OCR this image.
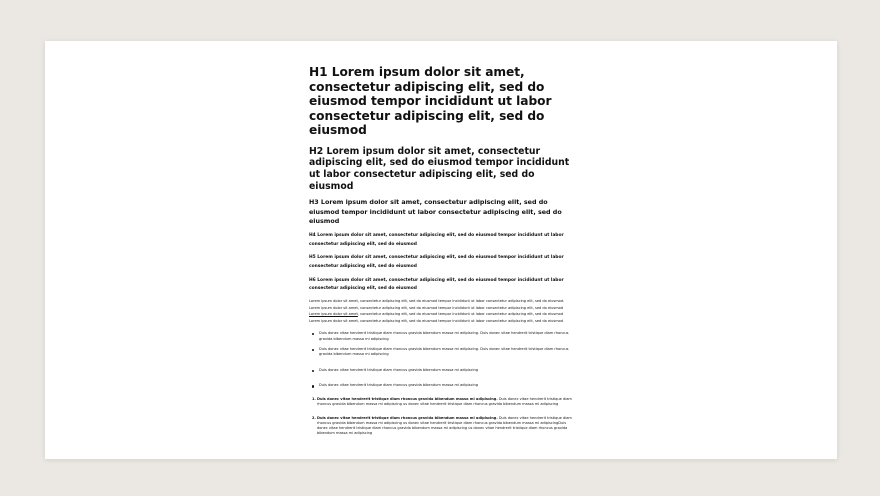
H1 Lorem ipsum dolor sit amet, consectetur adipiscing elit, sed do eiusmod tempor incididunt ut labor consectetur adipiscing elit, sed do eiusmod
H2 Lorem ipsum dolor sit amet, consectetur adipiscing elit, sed do eiusmod tempor incididunt ut labor consectetur adipiscing elit, sed do eiusmod
H3 Lorem ipsum dolor sit amet, consectetur adipiscing elit, sed do eiusmod tempor incididunt ut labor consectetur adipiscing elit, sed do eiusmod
H4 Lorem ipsum dolor sit amet, consectetur adipiscing elit, sed do eiusmod tempor incididunt ut labor consectetur adipiscing elit, sed do eiusmod
H5 Lorem ipsum dolor sit amet, consectetur adipiscing elit, sed do eiusmod tempor incididunt ut labor consectetur adipiscing elit, sed do eiusmod
H6 Lorem ipsum dolor sit amet, consectetur adipiscing elit, sed do eiusmod tempor incididunt ut labor consectetur adipiscing elit, sed do eiusmod

Lorem ipsum dolor sit amet, consectetur adipiscing elit, sed do eiusmod tempor incididunt ut labor consectetur adipiscing elit, sed do eiusmod. Lorem ipsum dolor sit amet, consectetur adipiscing elit, sed do eiusmod tempor incididunt ut labor consectetur adipiscing elit, sed do eiusmod Lorem ipsum dolor sit amet, consectetur adipiscing elit, sed do eiusmod tempor incididunt ut labor consectetur adipiscing elit, sed do eiusmod Lorem ipsum dolor sit amet, consectetur adipiscing elit, sed do eiusmod tempor incididunt ut labor consectetur adipiscing elit, sed do eiusmod

Duis donec vitae hendrerit tristique diam rhoncus gravida bibendum massa mi adipiscing. Duis donec vitae hendrerit tristique diam rhoncus gravida bibendum massa mi adipiscing
Duis donec vitae hendrerit tristique diam rhoncus gravida bibendum massa mi adipiscing. Duis donec vitae hendrerit tristique diam rhoncus gravida bibendum massa mi adipiscing
Duis donec vitae hendrerit tristique diam rhoncus gravida bibendum massa mi adipiscing
Duis donec vitae hendrerit tristique diam rhoncus gravida bibendum massa mi adipiscing
1. Duis donec vitae hendrerit tristique diam rhoncus gravida bibendum massa mi adipiscing. Duis donec vitae hendrerit tristique diam rhoncus gravida bibendum massa mi adipiscing us donec vitae hendrerit tristique diam rhoncus gravida bibendum massa mi adipiscing
2. Duis donec vitae hendrerit tristique diam rhoncus gravida bibendum massa mi adipiscing. Duis donec vitae hendrerit tristique diam rhoncus gravida bibendum massa mi adipiscing us donec vitae hendrerit tristique diam rhoncus gravida bibendum massa mi adipiscingDuis donec vitae hendrerit tristique diam rhoncus gravida bibendum massa mi adipiscing us donec vitae hendrerit tristique diam rhoncus gravida bibendum massa mi adipiscing
